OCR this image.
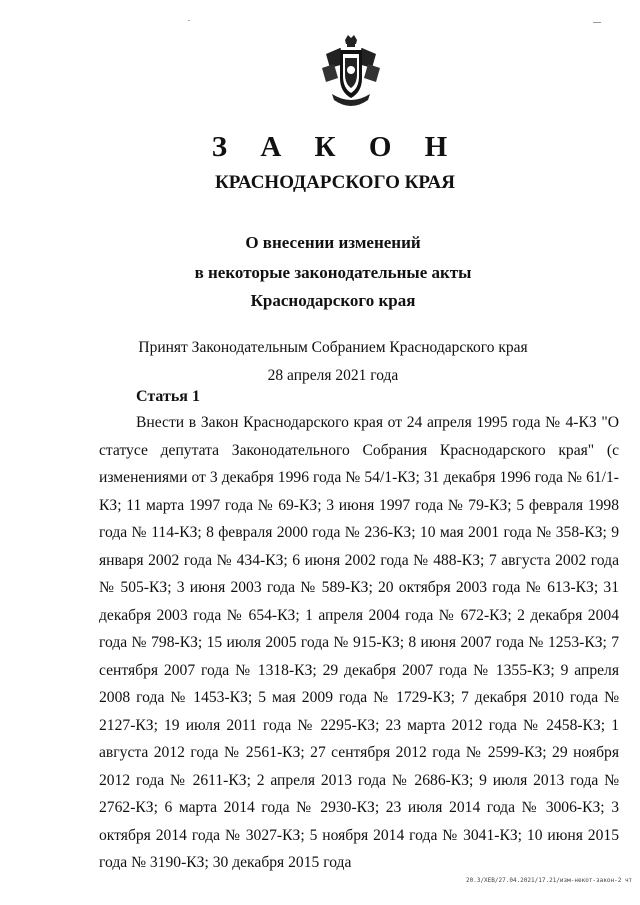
З А К О Н

КРАСНОДАРСКОГО КРАЯ

О внесении изменений

в некоторые законодательные акты

Краснодарского края

Принят Законодательным Собранием Краснодарского края

28 апреля 2021 года

Статья 1

Внести в Закон Краснодарского края от 24 апреля 1995 года № 4-КЗ "О статусе депутата Законодательного Собрания Краснодарского края" (с изменениями от 3 декабря 1996 года № 54/1-КЗ; 31 декабря 1996 года № 61/1-КЗ; 11 марта 1997 года № 69-КЗ; 3 июня 1997 года № 79-КЗ; 5 февраля 1998 года № 114-КЗ; 8 февраля 2000 года № 236-КЗ; 10 мая 2001 года № 358-КЗ; 9 января 2002 года № 434-КЗ; 6 июня 2002 года № 488-КЗ; 7 августа 2002 года № 505-КЗ; 3 июня 2003 года № 589-КЗ; 20 октября 2003 года № 613-КЗ; 31 декабря 2003 года № 654-КЗ; 1 апреля 2004 года № 672-КЗ; 2 декабря 2004 года № 798-КЗ; 15 июля 2005 года № 915-КЗ; 8 июня 2007 года № 1253-КЗ; 7 сентября 2007 года № 1318-КЗ; 29 декабря 2007 года № 1355-КЗ; 9 апреля 2008 года № 1453-КЗ; 5 мая 2009 года № 1729-КЗ; 7 декабря 2010 года № 2127-КЗ; 19 июля 2011 года № 2295-КЗ; 23 марта 2012 года № 2458-КЗ; 1 августа 2012 года № 2561-КЗ; 27 сентября 2012 года № 2599-КЗ; 29 ноября 2012 года № 2611-КЗ; 2 апреля 2013 года № 2686-КЗ; 9 июля 2013 года № 2762-КЗ; 6 марта 2014 года № 2930-КЗ; 23 июля 2014 года № 3006-КЗ; 3 октября 2014 года № 3027-КЗ; 5 ноября 2014 года № 3041-КЗ; 10 июня 2015 года № 3190-КЗ; 30 декабря 2015 года

20.3/ХЕВ/27.04.2021/17.21/изм-некот-закон-2 чт
